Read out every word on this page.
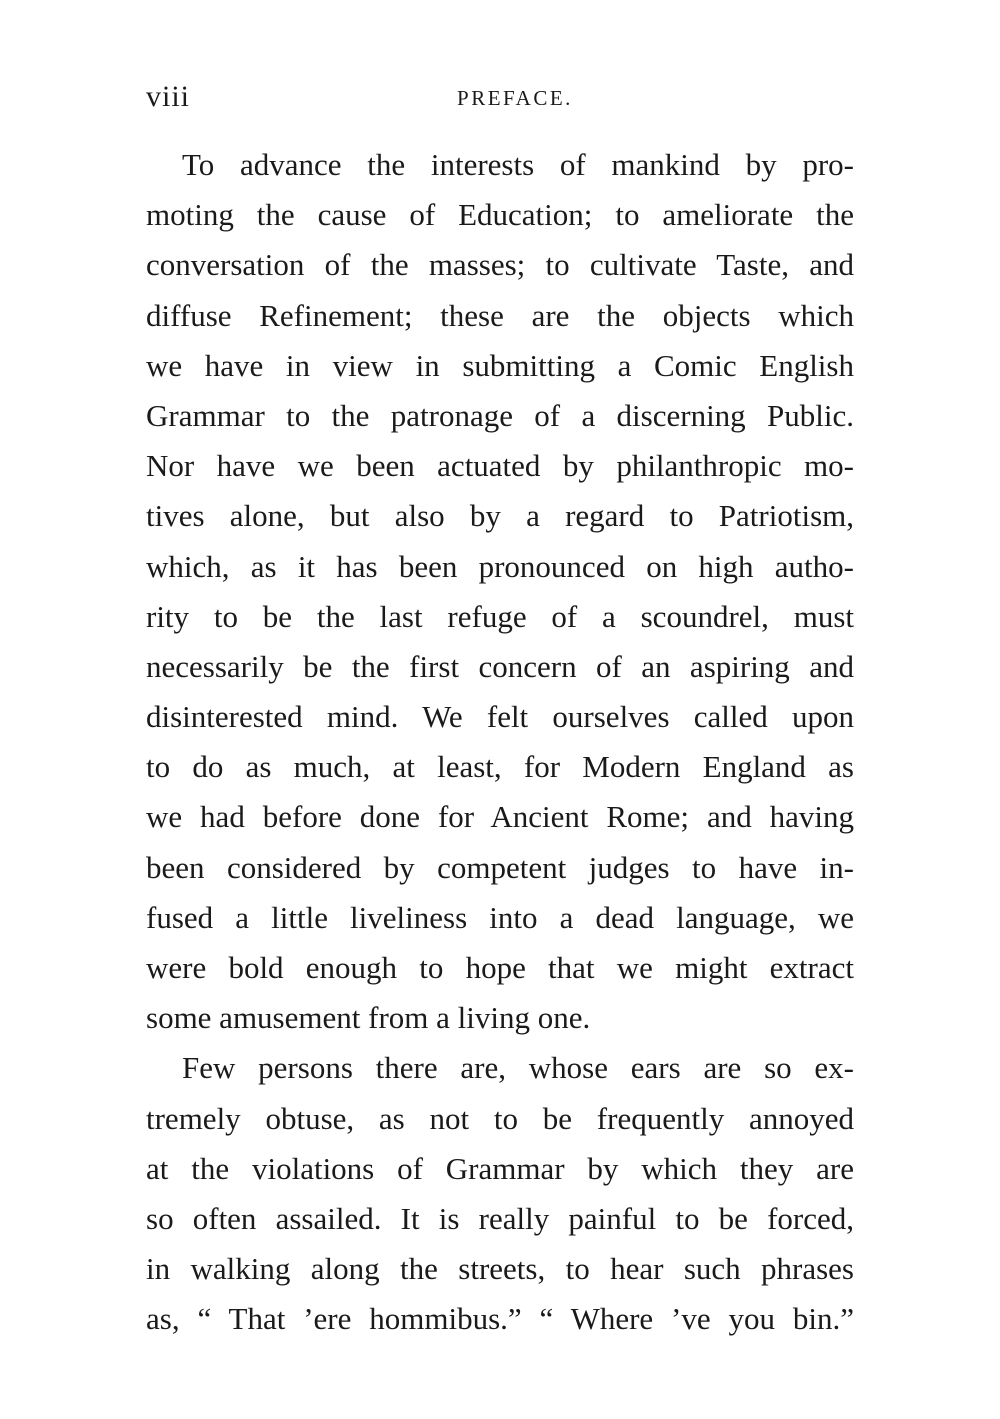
viii	PREFACE.
To advance the interests of mankind by pro-
moting the cause of Education; to ameliorate the
conversation of the masses; to cultivate Taste, and
diffuse Refinement; these are the objects which
we have in view in submitting a Comic English
Grammar to the patronage of a discerning Public.
Nor have we been actuated by philanthropic mo-
tives alone, but also by a regard to Patriotism,
which, as it has been pronounced on high autho-
rity to be the last refuge of a scoundrel, must
necessarily be the first concern of an aspiring and
disinterested mind. We felt ourselves called upon
to do as much, at least, for Modern England as
we had before done for Ancient Rome; and having
been considered by competent judges to have in-
fused a little liveliness into a dead language, we
were bold enough to hope that we might extract
some amusement from a living one.
Few persons there are, whose ears are so ex-
tremely obtuse, as not to be frequently annoyed
at the violations of Grammar by which they are
so often assailed. It is really painful to be forced,
in walking along the streets, to hear such phrases
as, “ That ’ere hommibus.” “ Where ’ve you bin.”
